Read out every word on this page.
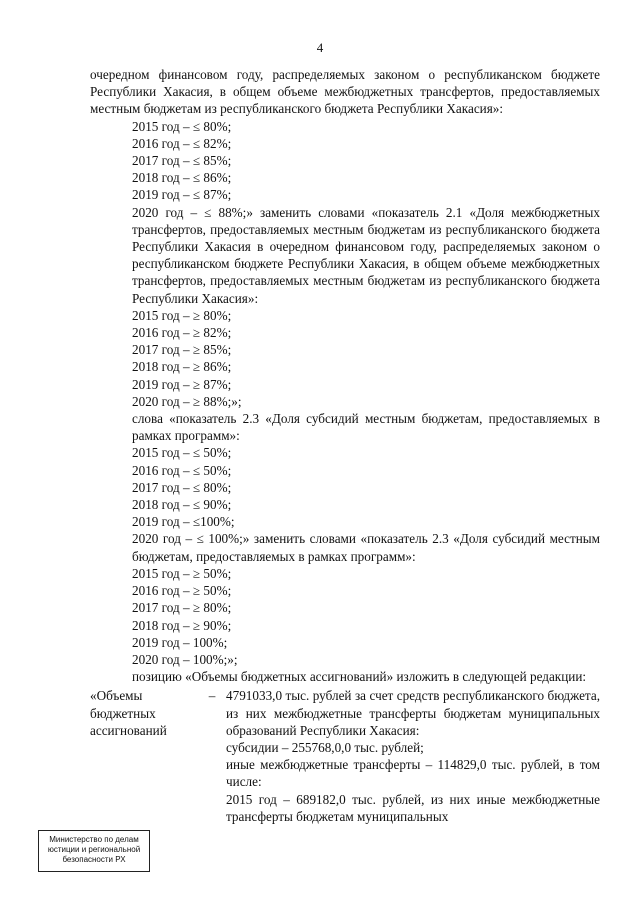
4
очередном финансовом году, распределяемых законом о республиканском бюджете Республики Хакасия, в общем объеме межбюджетных трансфертов, предоставляемых местным бюджетам из республиканского бюджета Республики Хакасия»:
2015 год – ≤ 80%;
2016 год – ≤ 82%;
2017 год – ≤ 85%;
2018 год – ≤ 86%;
2019 год – ≤ 87%;
2020 год – ≤ 88%;» заменить словами «показатель 2.1 «Доля межбюджетных трансфертов, предоставляемых местным бюджетам из республиканского бюджета Республики Хакасия в очередном финансовом году, распределяемых законом о республиканском бюджете Республики Хакасия, в общем объеме межбюджетных трансфертов, предоставляемых местным бюджетам из республиканского бюджета Республики Хакасия»:
2015 год – ≥ 80%;
2016 год – ≥ 82%;
2017 год – ≥ 85%;
2018 год – ≥ 86%;
2019 год – ≥ 87%;
2020 год – ≥ 88%;»;
слова «показатель 2.3 «Доля субсидий местным бюджетам, предоставляемых в рамках программ»:
2015 год – ≤ 50%;
2016 год – ≤ 50%;
2017 год – ≤ 80%;
2018 год – ≤ 90%;
2019 год – ≤100%;
2020 год – ≤ 100%;» заменить словами «показатель 2.3 «Доля субсидий местным бюджетам, предоставляемых в рамках программ»:
2015 год – ≥ 50%;
2016 год – ≥ 50%;
2017 год – ≥ 80%;
2018 год – ≥ 90%;
2019 год – 100%;
2020 год – 100%;»;
позицию «Объемы бюджетных ассигнований» изложить в следующей редакции:
«Объемы бюджетных ассигнований
– 4791033,0 тыс. рублей за счет средств республиканского бюджета, из них межбюджетные трансферты бюджетам муниципальных образований Республики Хакасия:
субсидии – 255768,0,0 тыс. рублей;
иные межбюджетные трансферты – 114829,0 тыс. рублей, в том числе:
2015 год – 689182,0 тыс. рублей, из них иные межбюджетные трансферты бюджетам муниципальных
Министерство по делам
юстиции и региональной
безопасности РХ
